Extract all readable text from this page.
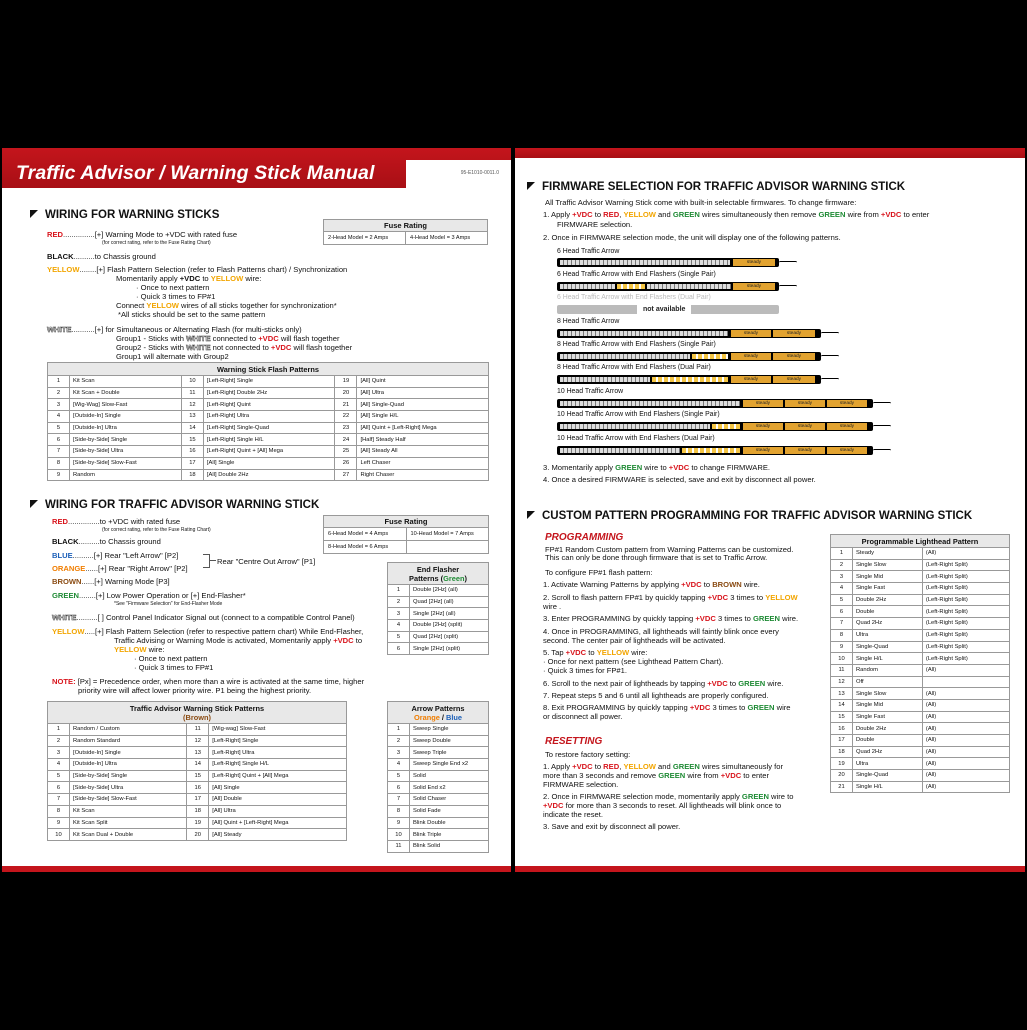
Traffic Advisor / Warning Stick Manual	95-E1010-0011.0
WIRING FOR WARNING STICKS
RED...............[+] Warning Mode to +VDC with rated fuse
(for correct rating, refer to the Fuse Rating Chart)
BLACK..........to Chassis ground
YELLOW........[+] Flash Pattern Selection (refer to Flash Patterns chart) / Synchronization
Momentarily apply +VDC to YELLOW wire:
· Once to next pattern
· Quick 3 times to FP#1
Connect YELLOW wires of all sticks together for synchronization*
*All sticks should be set to the same pattern
WHITE...........[+] for Simultaneous or Alternating Flash (for multi-sticks only)
Group1 - Sticks with WHITE connected to +VDC will flash together
Group2 - Sticks with WHITE not connected to +VDC will flash together
Group1 will alternate with Group2
Fuse Rating
2-Head Model = 2 Amps	4-Head Model = 3 Amps
Warning Stick Flash Patterns					
1	Kit Scan	10	[Left-Right] Single	19	[All] Quint
2	Kit Scan + Double	11	[Left-Right] Double 2Hz	20	[All] Ultra
3	[Wig-Wag] Slow-Fast	12	[Left-Right] Quint	21	[All] Single-Quad
4	[Outside-In] Single	13	[Left-Right] Ultra	22	[All] Single H/L
5	[Outside-In] Ultra	14	[Left-Right] Single-Quad	23	[All] Quint + [Left-Right] Mega
6	[Side-by-Side] Single	15	[Left-Right] Single H/L	24	[Half] Steady Half
7	[Side-by-Side] Ultra	16	[Left-Right] Quint + [All] Mega	25	[All] Steady All
8	[Side-by-Side] Slow-Fast	17	[All] Single	26	Left Chaser
9	Random	18	[All] Double 2Hz	27	Right Chaser
WIRING FOR TRAFFIC ADVISOR WARNING STICK
RED...............to +VDC with rated fuse
(for correct rating, refer to the Fuse Rating Chart)
BLACK..........to Chassis ground
BLUE..........[+] Rear "Left Arrow" [P2]
ORANGE......[+] Rear "Right Arrow" [P2]
Rear "Centre Out Arrow" [P1]
BROWN......[+] Warning Mode [P3]
GREEN........[+] Low Power Operation or [+] End-Flasher*
*See "Firmware Selection" for End-Flasher Mode
WHITE..........[ ] Control Panel Indicator Signal out (connect to a compatible Control Panel)
YELLOW.....[+] Flash Pattern Selection (refer to respective pattern chart) While End-Flasher,
Traffic Advising or Warning Mode is activated, Momentarily apply +VDC to
YELLOW wire:
· Once to next pattern
· Quick 3 times to FP#1
NOTE: [Px] = Precedence order, when more than a wire is activated at the same time, higher
priority wire will affect lower priority wire. P1 being the highest priority.
Fuse Rating
6-Head Model = 4 Amps	10-Head Model = 7 Amps
8-Head Model = 6 Amps
End Flasher
Patterns (Green)	
1	Double [2Hz] (all)
2	Quad [2Hz] (all)
3	Single [2Hz] (all)
4	Double [2Hz] (split)
5	Quad [2Hz] (split)
6	Single [2Hz] (split)
Traffic Advisor Warning Stick Patterns
(Brown)			
1	Random / Custom	11	[Wig-wag] Slow-Fast
2	Random Standard	12	[Left-Right] Single
3	[Outside-In] Single	13	[Left-Right] Ultra
4	[Outside-In] Ultra	14	[Left-Right] Single H/L
5	[Side-by-Side] Single	15	[Left-Right] Quint + [All] Mega
6	[Side-by-Side] Ultra	16	[All] Single
7	[Side-by-Side] Slow-Fast	17	[All] Double
8	Kit Scan	18	[All] Ultra
9	Kit Scan Split	19	[All] Quint + [Left-Right] Mega
10	Kit Scan Dual + Double	20	[All] Steady
Arrow Patterns
Orange / Blue	
1	Sweep Single
2	Sweep Double
3	Sweep Triple
4	Sweep Single End x2
5	Solid
6	Solid End x2
7	Solid Chaser
8	Solid Fade
9	Blink Double
10	Blink Triple
11	Blink Solid
FIRMWARE SELECTION FOR TRAFFIC ADVISOR WARNING STICK
All Traffic Advisor Warning Stick come with built-in selectable firmwares. To change firmware:
1. Apply +VDC to RED, YELLOW and GREEN wires simultaneously then remove GREEN wire from +VDC to enter
FIRMWARE selection.
2. Once in FIRMWARE selection mode, the unit will display one of the following patterns.
6 Head Traffic Arrow
steady
6 Head Traffic Arrow with End Flashers (Single Pair)
steady
6 Head Traffic Arrow with End Flashers (Dual Pair)
not available
8 Head Traffic Arrow
steady	steady
8 Head Traffic Arrow with End Flashers (Single Pair)
steady	steady
8 Head Traffic Arrow with End Flashers (Dual Pair)
steady	steady
10 Head Traffic Arrow
steady	steady	steady
10 Head Traffic Arrow with End Flashers (Single Pair)
steady	steady	steady
10 Head Traffic Arrow with End Flashers (Dual Pair)
steady	steady	steady
3. Momentarily apply GREEN wire to +VDC to change FIRMWARE.
4. Once a desired FIRMWARE is selected, save and exit by disconnect all power.
CUSTOM PATTERN PROGRAMMING FOR TRAFFIC ADVISOR WARNING STICK
PROGRAMMING
FP#1 Random Custom pattern from Warning Patterns can be customized.
This can only be done through firmware that is set to Traffic Arrow.
To configure FP#1 flash pattern:
1. Activate Warning Patterns by applying +VDC to BROWN wire.
2. Scroll to flash pattern FP#1 by quickly tapping +VDC 3 times to YELLOW
wire .
3. Enter PROGRAMMING by quickly tapping +VDC 3 times to GREEN wire.
4. Once in PROGRAMMING, all lightheads will faintly blink once every
second. The center pair of lightheads will be activated.
5. Tap +VDC to YELLOW wire:
· Once for next pattern (see Lighthead Pattern Chart).
· Quick 3 times for FP#1.
6. Scroll to the next pair of lightheads by tapping +VDC to GREEN wire.
7. Repeat steps 5 and 6 until all lightheads are properly configured.
8. Exit PROGRAMMING by quickly tapping +VDC 3 times to GREEN wire
or disconnect all power.
RESETTING
To restore factory setting:
1. Apply +VDC to RED, YELLOW and GREEN wires simultaneously for
more than 3 seconds and remove GREEN wire from +VDC to enter
FIRMWARE selection.
2. Once in FIRMWARE selection mode, momentarily apply GREEN wire to
+VDC for more than 3 seconds to reset. All lightheads will blink once to
indicate the reset.
3. Save and exit by disconnect all power.
Programmable Lighthead Pattern		
1	Steady	(All)
2	Single Slow	(Left-Right Split)
3	Single Mid	(Left-Right Split)
4	Single Fast	(Left-Right Split)
5	Double 2Hz	(Left-Right Split)
6	Double	(Left-Right Split)
7	Quad 2Hz	(Left-Right Split)
8	Ultra	(Left-Right Split)
9	Single-Quad	(Left-Right Split)
10	Single H/L	(Left-Right Split)
11	Random	(All)
12	Off	
13	Single Slow	(All)
14	Single Mid	(All)
15	Single Fast	(All)
16	Double 2Hz	(All)
17	Double	(All)
18	Quad 2Hz	(All)
19	Ultra	(All)
20	Single-Quad	(All)
21	Single H/L	(All)
